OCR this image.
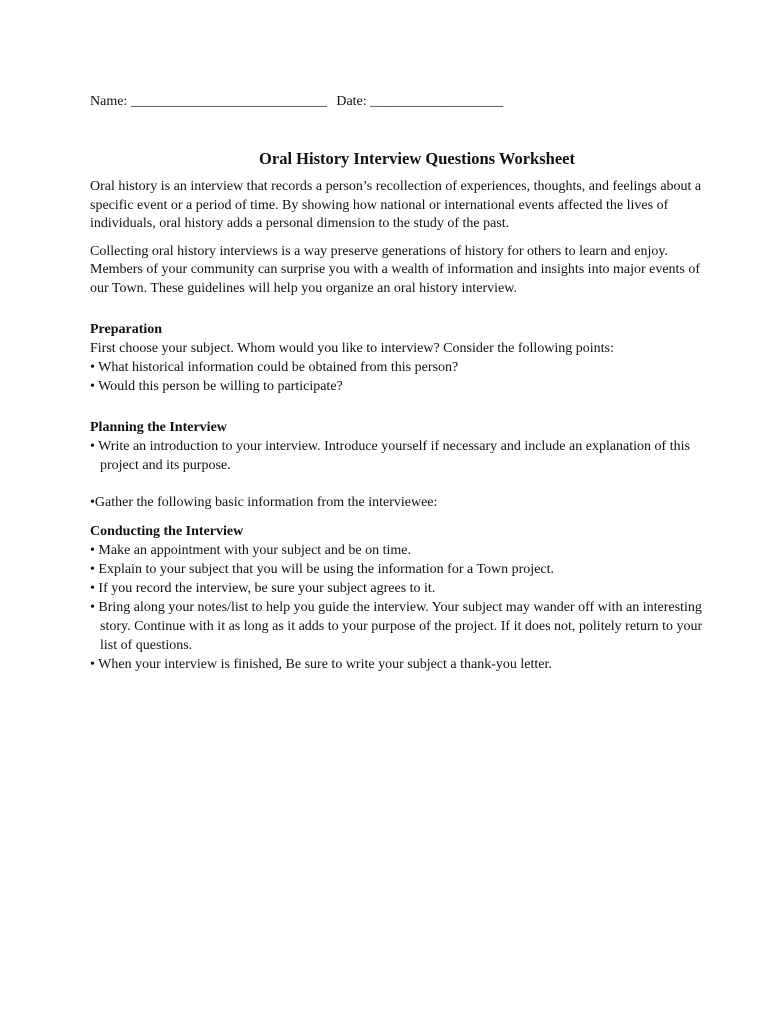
Name: ____________________________ Date: ___________________
Oral History Interview Questions Worksheet

Oral history is an interview that records a person’s recollection of experiences, thoughts, and feelings about a specific event or a period of time. By showing how national or international events affected the lives of individuals, oral history adds a personal dimension to the study of the past.

Collecting oral history interviews is a way preserve generations of history for others to learn and enjoy. Members of your community can surprise you with a wealth of information and insights into major events of our Town. These guidelines will help you organize an oral history interview.

Preparation

First choose your subject. Whom would you like to interview? Consider the following points:

• What historical information could be obtained from this person?
• Would this person be willing to participate?

Planning the Interview

• Write an introduction to your interview. Introduce yourself if necessary and include an explanation of this project and its purpose.

•Gather the following basic information from the interviewee:

Conducting the Interview

• Make an appointment with your subject and be on time.
• Explain to your subject that you will be using the information for a Town project.
• If you record the interview, be sure your subject agrees to it.
• Bring along your notes/list to help you guide the interview. Your subject may wander off with an interesting story. Continue with it as long as it adds to your purpose of the project. If it does not, politely return to your list of questions.
• When your interview is finished, Be sure to write your subject a thank-you letter.
